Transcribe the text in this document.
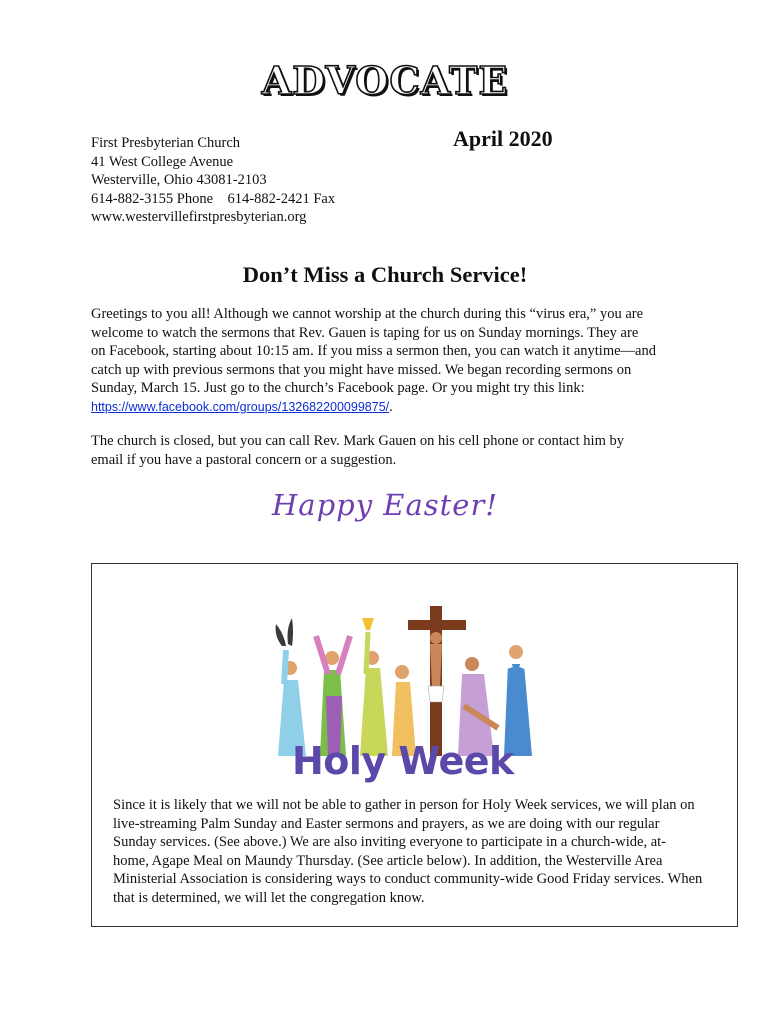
ADVOCATE
First Presbyterian Church
41 West College Avenue
Westerville, Ohio 43081-2103
614-882-3155 Phone 614-882-2421 Fax
www.westervillefirstpresbyterian.org
April 2020
Don’t Miss a Church Service!
Greetings to you all! Although we cannot worship at the church during this “virus era,” you are
welcome to watch the sermons that Rev. Gauen is taping for us on Sunday mornings. They are
on Facebook, starting about 10:15 am. If you miss a sermon then, you can watch it anytime—and
catch up with previous sermons that you might have missed. We began recording sermons on
Sunday, March 15. Just go to the church’s Facebook page. Or you might try this link:
https://www.facebook.com/groups/132682200099875/.
The church is closed, but you can call Rev. Mark Gauen on his cell phone or contact him by
email if you have a pastoral concern or a suggestion.
Happy Easter!
Holy Week
Since it is likely that we will not be able to gather in person for Holy Week services, we will plan on
live-streaming Palm Sunday and Easter sermons and prayers, as we are doing with our regular
Sunday services. (See above.) We are also inviting everyone to participate in a church-wide, at-
home, Agape Meal on Maundy Thursday. (See article below). In addition, the Westerville Area
Ministerial Association is considering ways to conduct community-wide Good Friday services. When
that is determined, we will let the congregation know.
